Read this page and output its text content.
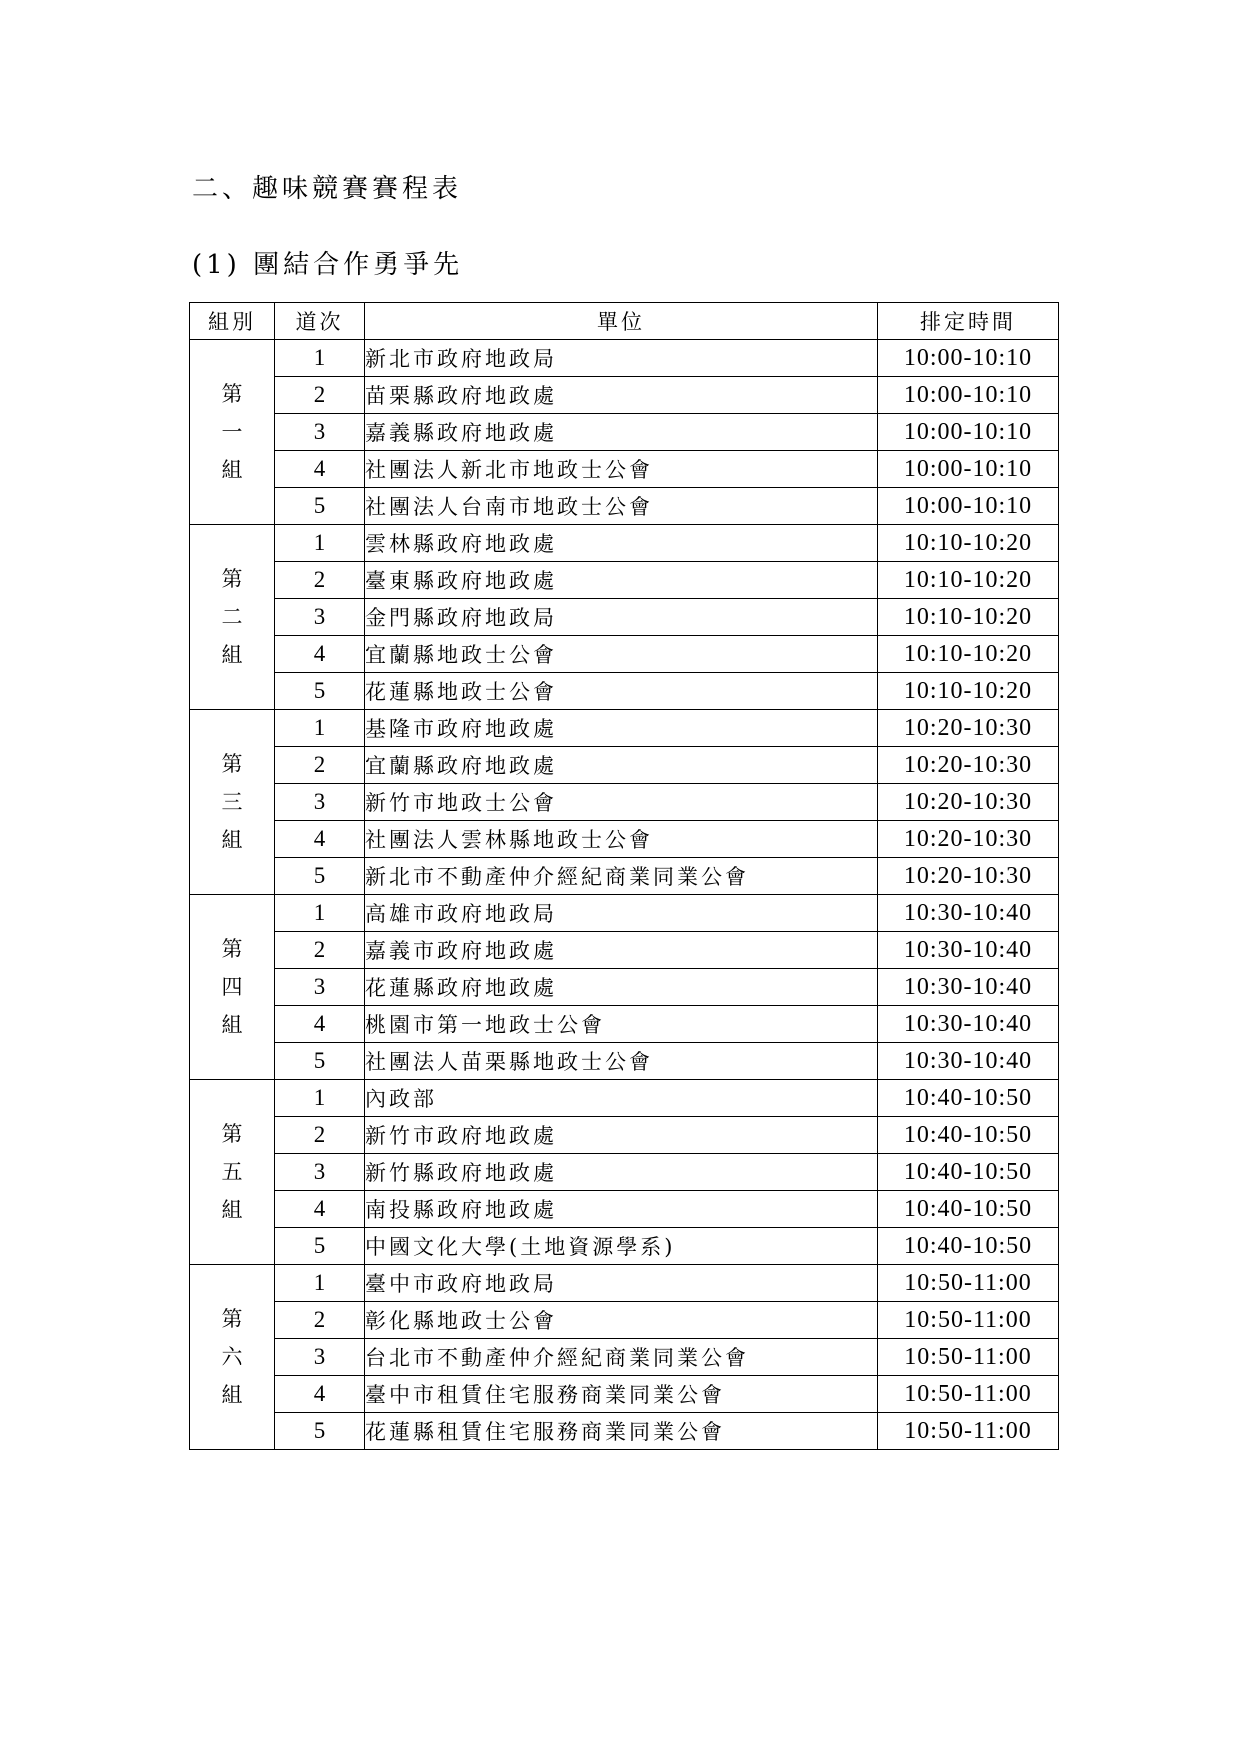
二、趣味競賽賽程表
(1) 團結合作勇爭先
組別	道次	單位	排定時間

第
一
組	1	新北市政府地政局	10:00-10:10
	2	苗栗縣政府地政處	10:00-10:10
	3	嘉義縣政府地政處	10:00-10:10
	4	社團法人新北市地政士公會	10:00-10:10
	5	社團法人台南市地政士公會	10:00-10:10

第
二
組	1	雲林縣政府地政處	10:10-10:20
	2	臺東縣政府地政處	10:10-10:20
	3	金門縣政府地政局	10:10-10:20
	4	宜蘭縣地政士公會	10:10-10:20
	5	花蓮縣地政士公會	10:10-10:20

第
三
組	1	基隆市政府地政處	10:20-10:30
	2	宜蘭縣政府地政處	10:20-10:30
	3	新竹市地政士公會	10:20-10:30
	4	社團法人雲林縣地政士公會	10:20-10:30
	5	新北市不動產仲介經紀商業同業公會	10:20-10:30

第
四
組	1	高雄市政府地政局	10:30-10:40
	2	嘉義市政府地政處	10:30-10:40
	3	花蓮縣政府地政處	10:30-10:40
	4	桃園市第一地政士公會	10:30-10:40
	5	社團法人苗栗縣地政士公會	10:30-10:40

第
五
組	1	內政部	10:40-10:50
	2	新竹市政府地政處	10:40-10:50
	3	新竹縣政府地政處	10:40-10:50
	4	南投縣政府地政處	10:40-10:50
	5	中國文化大學(土地資源學系)	10:40-10:50

第
六
組	1	臺中市政府地政局	10:50-11:00
	2	彰化縣地政士公會	10:50-11:00
	3	台北市不動產仲介經紀商業同業公會	10:50-11:00
	4	臺中市租賃住宅服務商業同業公會	10:50-11:00
	5	花蓮縣租賃住宅服務商業同業公會	10:50-11:00
